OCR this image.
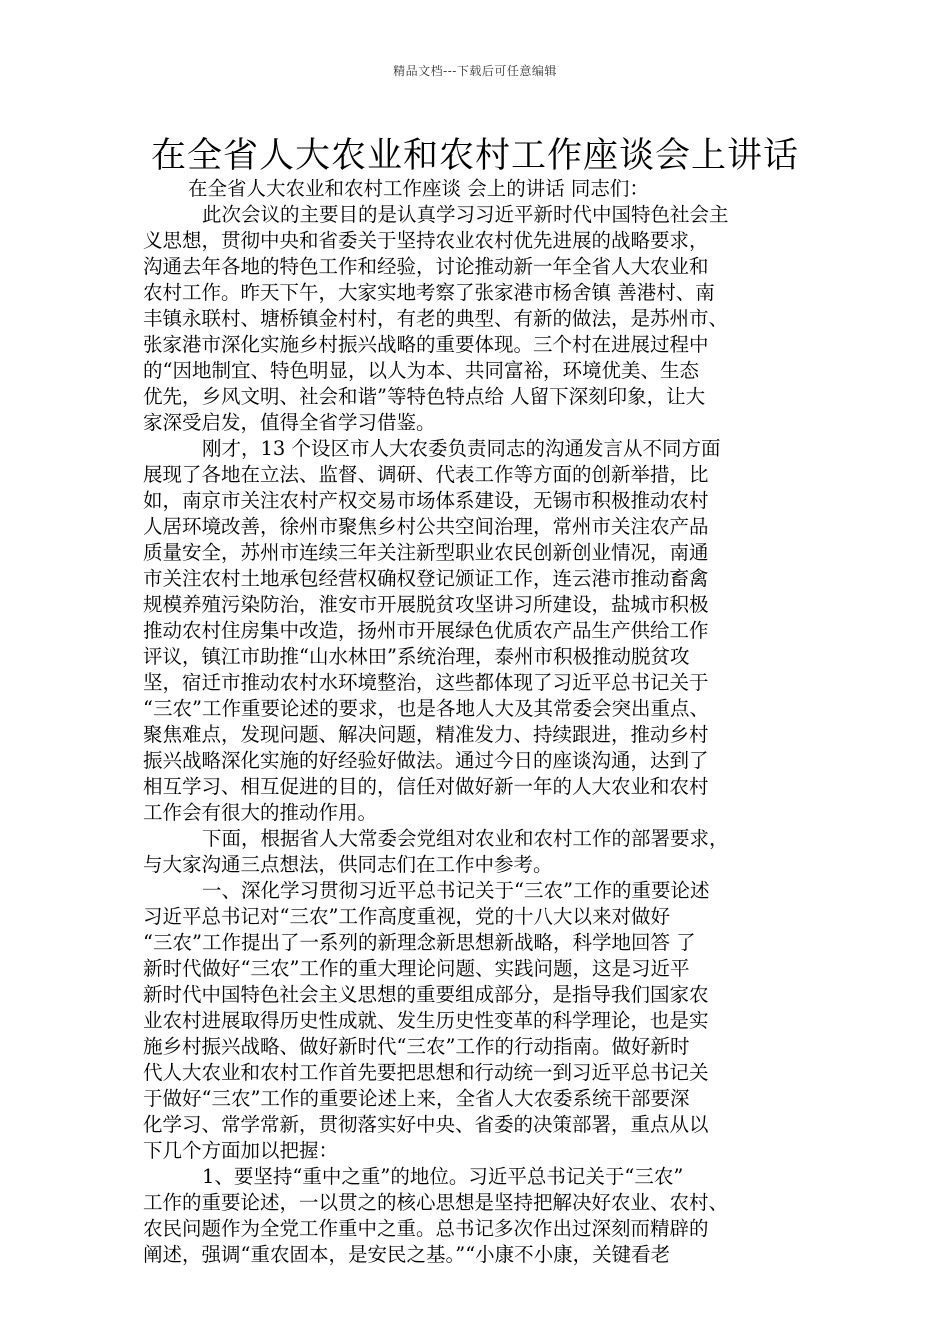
精品文档---下载后可任意编辑
在全省人大农业和农村工作座谈会上讲话
在全省人大农业和农村工作座谈 会上的讲话 同志们：
此次会议的主要目的是认真学习习近平新时代中国特色社会主
义思想，贯彻中央和省委关于坚持农业农村优先进展的战略要求，
沟通去年各地的特色工作和经验，讨论推动新一年全省人大农业和
农村工作。昨天下午，大家实地考察了张家港市杨舍镇 善港村、南
丰镇永联村、塘桥镇金村村，有老的典型、有新的做法，是苏州市、
张家港市深化实施乡村振兴战略的重要体现。三个村在进展过程中
的“因地制宜、特色明显，以人为本、共同富裕，环境优美、生态
优先，乡风文明、社会和谐”等特色特点给 人留下深刻印象，让大
家深受启发，值得全省学习借鉴。
刚才，13 个设区市人大农委负责同志的沟通发言从不同方面
展现了各地在立法、监督、调研、代表工作等方面的创新举措，比
如，南京市关注农村产权交易市场体系建设，无锡市积极推动农村
人居环境改善，徐州市聚焦乡村公共空间治理，常州市关注农产品
质量安全，苏州市连续三年关注新型职业农民创新创业情况，南通
市关注农村土地承包经营权确权登记颁证工作，连云港市推动畜禽
规模养殖污染防治，淮安市开展脱贫攻坚讲习所建设，盐城市积极
推动农村住房集中改造，扬州市开展绿色优质农产品生产供给工作
评议，镇江市助推“山水林田”系统治理，泰州市积极推动脱贫攻
坚，宿迁市推动农村水环境整治，这些都体现了习近平总书记关于
“三农”工作重要论述的要求，也是各地人大及其常委会突出重点、
聚焦难点，发现问题、解决问题，精准发力、持续跟进，推动乡村
振兴战略深化实施的好经验好做法。通过今日的座谈沟通，达到了
相互学习、相互促进的目的，信任对做好新一年的人大农业和农村
工作会有很大的推动作用。
下面，根据省人大常委会党组对农业和农村工作的部署要求，
与大家沟通三点想法，供同志们在工作中参考。
一、深化学习贯彻习近平总书记关于“三农”工作的重要论述
习近平总书记对“三农”工作高度重视，党的十八大以来对做好
“三农”工作提出了一系列的新理念新思想新战略，科学地回答 了
新时代做好“三农”工作的重大理论问题、实践问题，这是习近平
新时代中国特色社会主义思想的重要组成部分，是指导我们国家农
业农村进展取得历史性成就、发生历史性变革的科学理论，也是实
施乡村振兴战略、做好新时代“三农”工作的行动指南。做好新时
代人大农业和农村工作首先要把思想和行动统一到习近平总书记关
于做好“三农”工作的重要论述上来，全省人大农委系统干部要深
化学习、常学常新，贯彻落实好中央、省委的决策部署，重点从以
下几个方面加以把握：
1、要坚持“重中之重”的地位。习近平总书记关于“三农”
工作的重要论述，一以贯之的核心思想是坚持把解决好农业、农村、
农民问题作为全党工作重中之重。总书记多次作出过深刻而精辟的
阐述，强调“重农固本，是安民之基。”“小康不小康，关键看老
